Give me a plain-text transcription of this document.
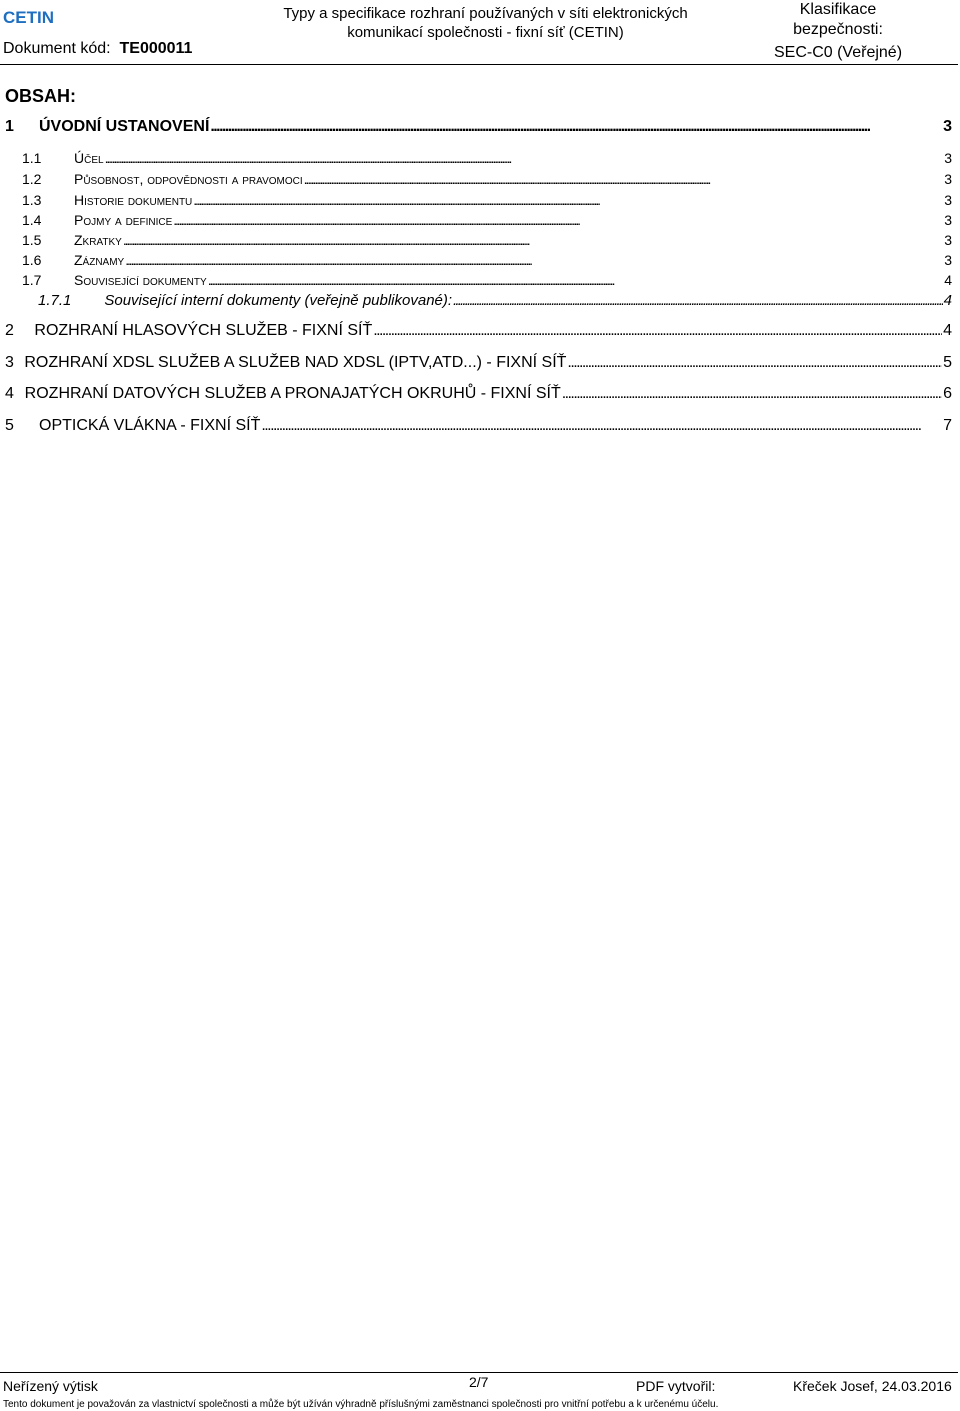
CETIN
Dokument kód: TE000011
Typy a specifikace rozhraní používaných v síti elektronických
komunikací společnosti - fixní síť (CETIN)
Klasifikace
bezpečnosti:
SEC-C0 (Veřejné)
OBSAH:
1	ÚVODNÍ USTANOVENÍ . . .	3
1.1	Účel . . .	3
1.2	Působnost, odpovědnosti a pravomoci . . .	3
1.3	Historie dokumentu . . .	3
1.4	Pojmy a definice . . .	3
1.5	Zkratky . . .	3
1.6	Záznamy . . .	3
1.7	Související dokumenty . . .	4
1.7.1	Související interní dokumenty (veřejně publikované): . . .	4
2	ROZHRANÍ HLASOVÝCH SLUŽEB - FIXNÍ SÍŤ . . .	4
3 ROZHRANÍ XDSL SLUŽEB A SLUŽEB NAD XDSL (IPTV,ATD...) - FIXNÍ SÍŤ . . .	5
4 ROZHRANÍ DATOVÝCH SLUŽEB A PRONAJATÝCH OKRUHŮ - FIXNÍ SÍŤ . . .	6
5	OPTICKÁ VLÁKNA - FIXNÍ SÍŤ . . .	7
Neřízený výtisk	2/7	PDF vytvořil:	Křeček Josef, 24.03.2016
Tento dokument je považován za vlastnictví společnosti a může být užíván výhradně příslušnými zaměstnanci společnosti pro vnitřní potřebu a k určenému účelu.
